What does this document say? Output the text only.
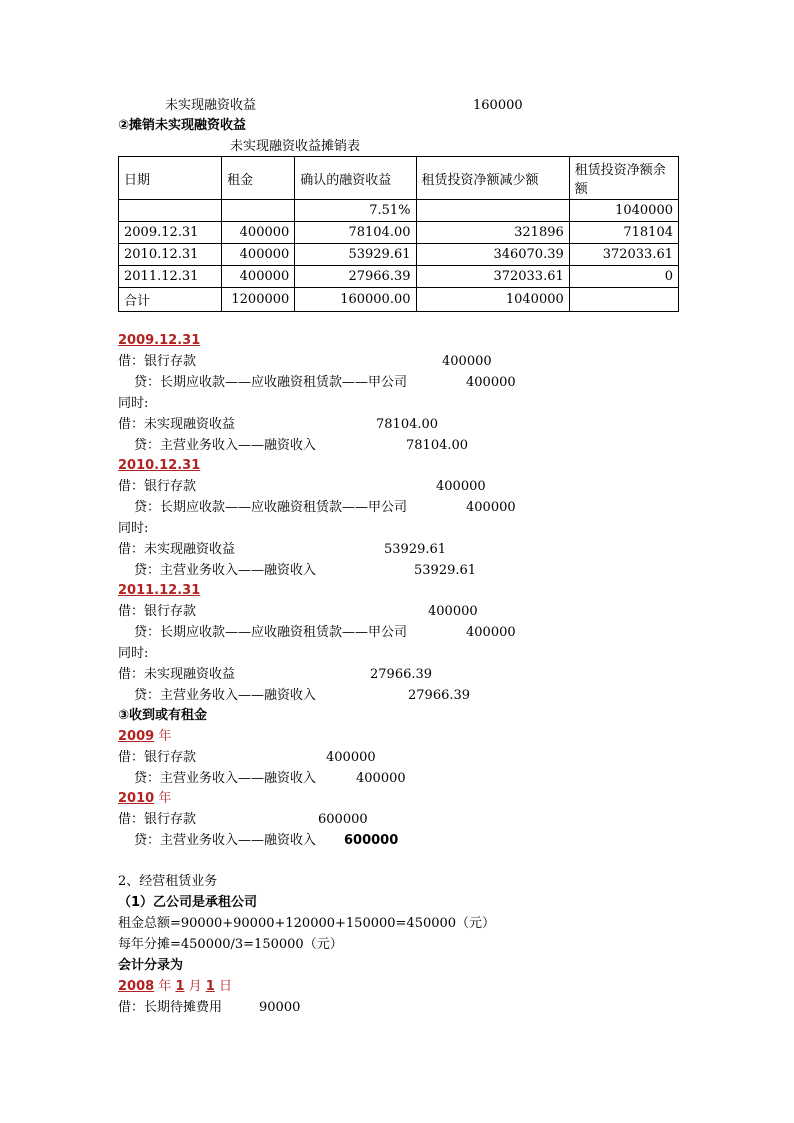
未实现融资收益	160000
②摊销未实现融资收益
未实现融资收益摊销表
日期	租金	确认的融资收益	租赁投资净额减少额	租赁投资净额余额
		7.51%		1040000
2009.12.31	400000	78104.00	321896	718104
2010.12.31	400000	53929.61	346070.39	372033.61
2011.12.31	400000	27966.39	372033.61	0
合计	1200000	160000.00	1040000	
2009.12.31
借：银行存款	400000
贷：长期应收款——应收融资租赁款——甲公司	400000
同时:
借：未实现融资收益	78104.00
贷：主营业务收入——融资收入	78104.00
2010.12.31
借：银行存款	400000
贷：长期应收款——应收融资租赁款——甲公司	400000
同时:
借：未实现融资收益	53929.61
贷：主营业务收入——融资收入	53929.61
2011.12.31
借：银行存款	400000
贷：长期应收款——应收融资租赁款——甲公司	400000
同时:
借：未实现融资收益	27966.39
贷：主营业务收入——融资收入	27966.39
③收到或有租金
2009 年
借：银行存款	400000
贷：主营业务收入——融资收入	400000
2010 年
借：银行存款	600000
贷：主营业务收入——融资收入 600000
2、经营租赁业务
（1）乙公司是承租公司
租金总额=90000+90000+120000+150000=450000（元）
每年分摊=450000/3=150000（元）
会计分录为
2008 年 1 月 1 日
借：长期待摊费用	90000
